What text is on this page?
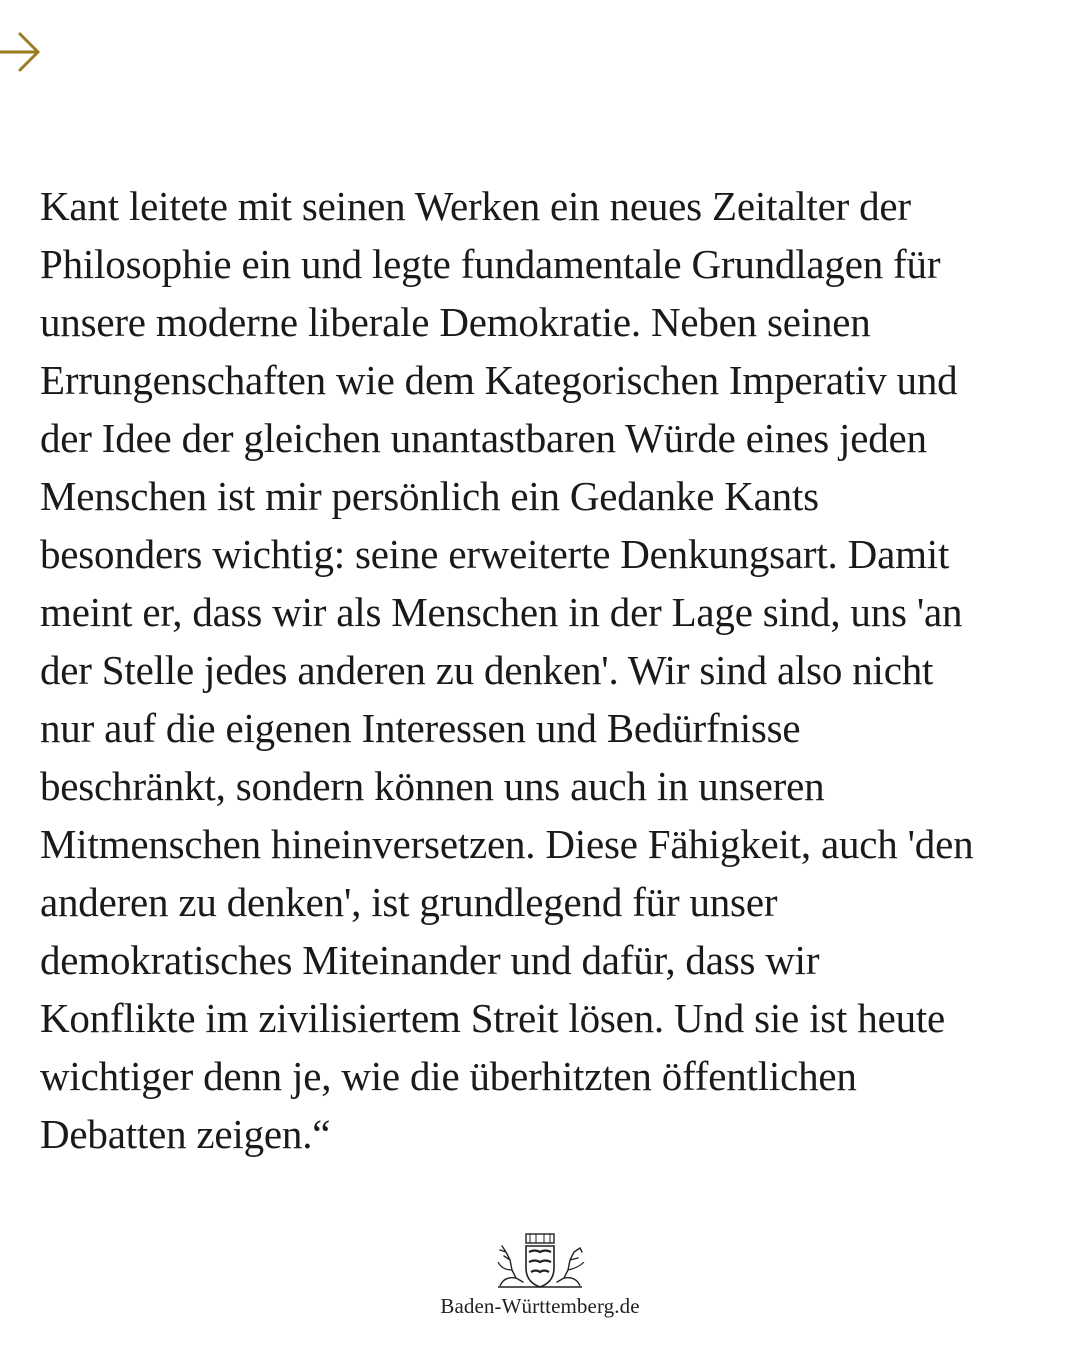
Kant leitete mit seinen Werken ein neues Zeitalter der
Philosophie ein und legte fundamentale Grundlagen für
unsere moderne liberale Demokratie. Neben seinen
Errungenschaften wie dem Kategorischen Imperativ und
der Idee der gleichen unantastbaren Würde eines jeden
Menschen ist mir persönlich ein Gedanke Kants
besonders wichtig: seine erweiterte Denkungsart. Damit
meint er, dass wir als Menschen in der Lage sind, uns 'an
der Stelle jedes anderen zu denken'. Wir sind also nicht
nur auf die eigenen Interessen und Bedürfnisse
beschränkt, sondern können uns auch in unseren
Mitmenschen hineinversetzen. Diese Fähigkeit, auch 'den
anderen zu denken', ist grundlegend für unser
demokratisches Miteinander und dafür, dass wir
Konflikte im zivilisiertem Streit lösen. Und sie ist heute
wichtiger denn je, wie die überhitzten öffentlichen
Debatten zeigen.“
Baden-Württemberg.de
